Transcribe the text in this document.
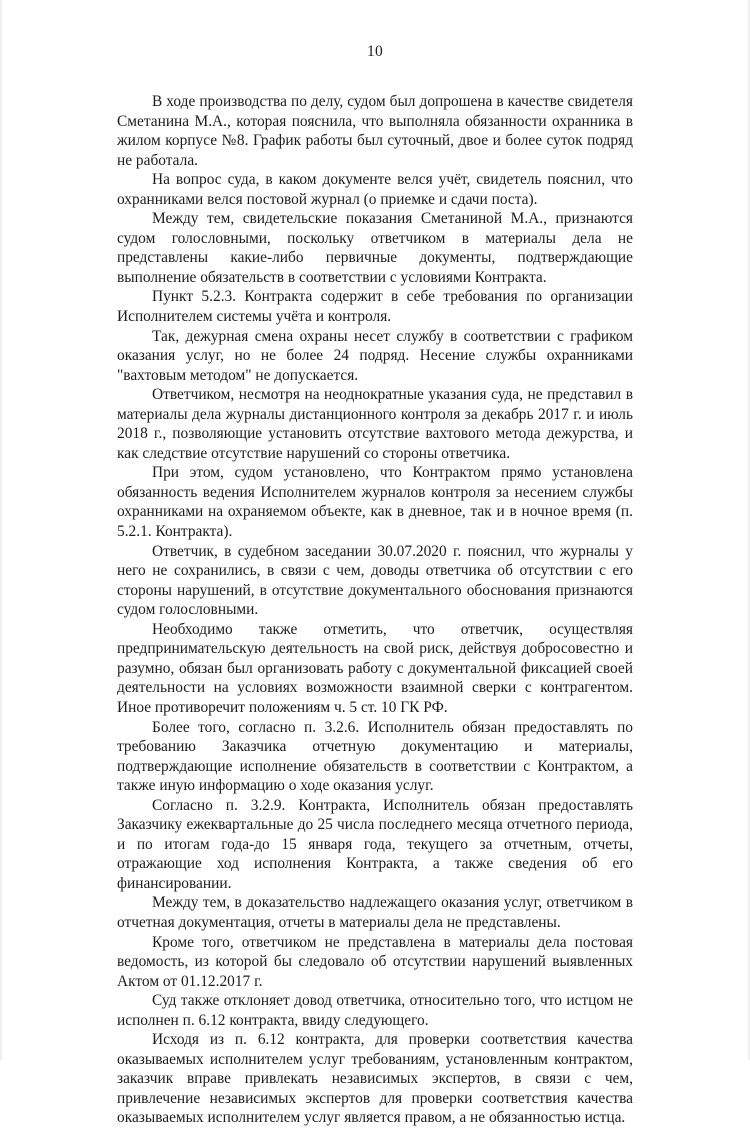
10

В ходе производства по делу, судом был допрошена в качестве свидетеля Сметанина М.А., которая пояснила, что выполняла обязанности охранника в жилом корпусе №8. График работы был суточный, двое и более суток подряд не работала.

На вопрос суда, в каком документе велся учёт, свидетель пояснил, что охранниками велся постовой журнал (о приемке и сдачи поста).

Между тем, свидетельские показания Сметаниной М.А., признаются судом голословными, поскольку ответчиком в материалы дела не представлены какие-либо первичные документы, подтверждающие выполнение обязательств в соответствии с условиями Контракта.

Пункт 5.2.3. Контракта содержит в себе требования по организации Исполнителем системы учёта и контроля.

Так, дежурная смена охраны несет службу в соответствии с графиком оказания услуг, но не более 24 подряд. Несение службы охранниками "вахтовым методом" не допускается.

Ответчиком, несмотря на неоднократные указания суда, не представил в материалы дела журналы дистанционного контроля за декабрь 2017 г. и июль 2018 г., позволяющие установить отсутствие вахтового метода дежурства, и как следствие отсутствие нарушений со стороны ответчика.

При этом, судом установлено, что Контрактом прямо установлена обязанность ведения Исполнителем журналов контроля за несением службы охранниками на охраняемом объекте, как в дневное, так и в ночное время (п. 5.2.1. Контракта).

Ответчик, в судебном заседании 30.07.2020 г. пояснил, что журналы у него не сохранились, в связи с чем, доводы ответчика об отсутствии с его стороны нарушений, в отсутствие документального обоснования признаются судом голословными.

Необходимо также отметить, что ответчик, осуществляя предпринимательскую деятельность на свой риск, действуя добросовестно и разумно, обязан был организовать работу с документальной фиксацией своей деятельности на условиях возможности взаимной сверки с контрагентом. Иное противоречит положениям ч. 5 ст. 10 ГК РФ.

Более того, согласно п. 3.2.6. Исполнитель обязан предоставлять по требованию Заказчика отчетную документацию и материалы, подтверждающие исполнение обязательств в соответствии с Контрактом, а также иную информацию о ходе оказания услуг.

Согласно п. 3.2.9. Контракта, Исполнитель обязан предоставлять Заказчику ежеквартальные до 25 числа последнего месяца отчетного периода, и по итогам года-до 15 января года, текущего за отчетным, отчеты, отражающие ход исполнения Контракта, а также сведения об его финансировании.

Между тем, в доказательство надлежащего оказания услуг, ответчиком в отчетная документация, отчеты в материалы дела не представлены.

Кроме того, ответчиком не представлена в материалы дела постовая ведомость, из которой бы следовало об отсутствии нарушений выявленных Актом от 01.12.2017 г.

Суд также отклоняет довод ответчика, относительно того, что истцом не исполнен п. 6.12 контракта, ввиду следующего.

Исходя из п. 6.12 контракта, для проверки соответствия качества оказываемых исполнителем услуг требованиям, установленным контрактом, заказчик вправе привлекать независимых экспертов, в связи с чем, привлечение независимых экспертов для проверки соответствия качества оказываемых исполнителем услуг является правом, а не обязанностью истца.
